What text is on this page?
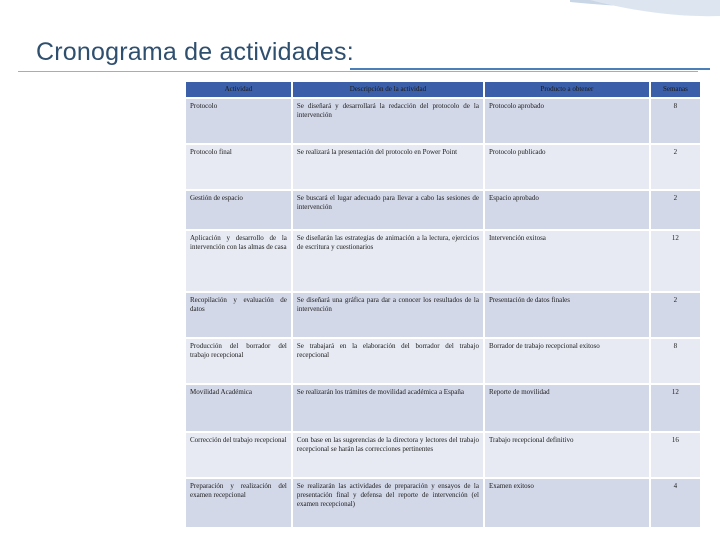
Cronograma de actividades:
Actividad	Descripción de la actividad	Producto a obtener	Semanas
Protocolo	Se diseñará y desarrollará la redacción del protocolo de la intervención	Protocolo aprobado	8
Protocolo final	Se realizará la presentación del protocolo en Power Point	Protocolo publicado	2
Gestión de espacio	Se buscará el lugar adecuado para llevar a cabo las sesiones de intervención	Espacio aprobado	2
Aplicación y desarrollo de la intervención con las almas de casa	Se diseñarán las estrategias de animación a la lectura, ejercicios de escritura y cuestionarios	Intervención exitosa	12
Recopilación y evaluación de datos	Se diseñará una gráfica para dar a conocer los resultados de la intervención	Presentación de datos finales	2
Producción del borrador del trabajo recepcional	Se trabajará en la elaboración del borrador del trabajo recepcional	Borrador de trabajo recepcional exitoso	8
Movilidad Académica	Se realizarán los trámites de movilidad académica a España	Reporte de movilidad	12
Corrección del trabajo recepcional	Con base en las sugerencias de la directora y lectores del trabajo recepcional se harán las correcciones pertinentes	Trabajo recepcional definitivo	16
Preparación y realización del examen recepcional	Se realizarán las actividades de preparación y ensayos de la presentación final y defensa del reporte de intervención (el examen recepcional)	Examen exitoso	4
